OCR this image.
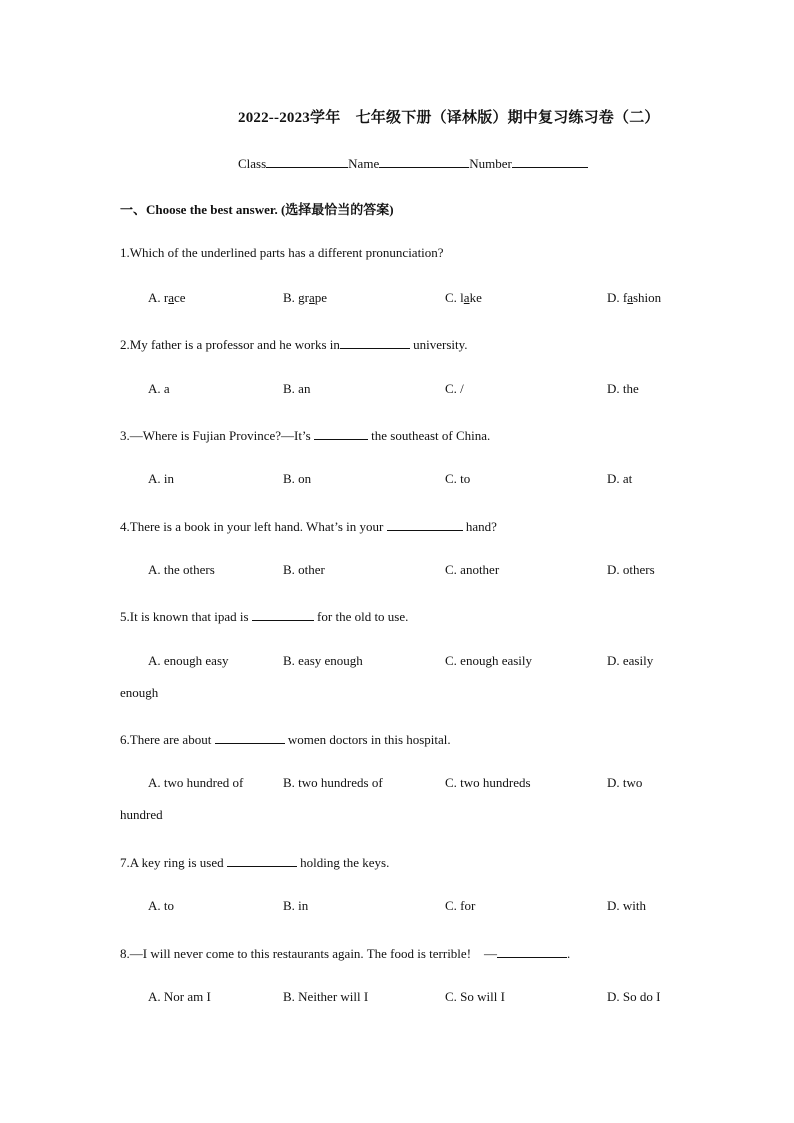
2022--2023学年　七年级下册（译林版）期中复习练习卷（二）
Class	Name	Number
一、Choose the best answer. (选择最恰当的答案)
1.Which of the underlined parts has a different pronunciation?
A. race	B. grape	C. lake	D. fashion
2.My father is a professor and he works in	university.
A. a	B. an	C. /	D. the
3.—Where is Fujian Province?—It’s	the southeast of China.
A. in	B. on	C. to	D. at
4.There is a book in your left hand. What’s in your	hand?
A. the others	B. other	C. another	D. others
5.It is known that ipad is	for the old to use.
A. enough easy	B. easy enough	C. enough easily	D. easily
enough
6.There are about	women doctors in this hospital.
A. two hundred of	B. two hundreds of	C. two hundreds	D. two
hundred
7.A key ring is used	holding the keys.
A. to	B. in	C. for	D. with
8.—I will never come to this restaurants again. The food is terrible!　—	.
A. Nor am I	B. Neither will I	C. So will I	D. So do I
